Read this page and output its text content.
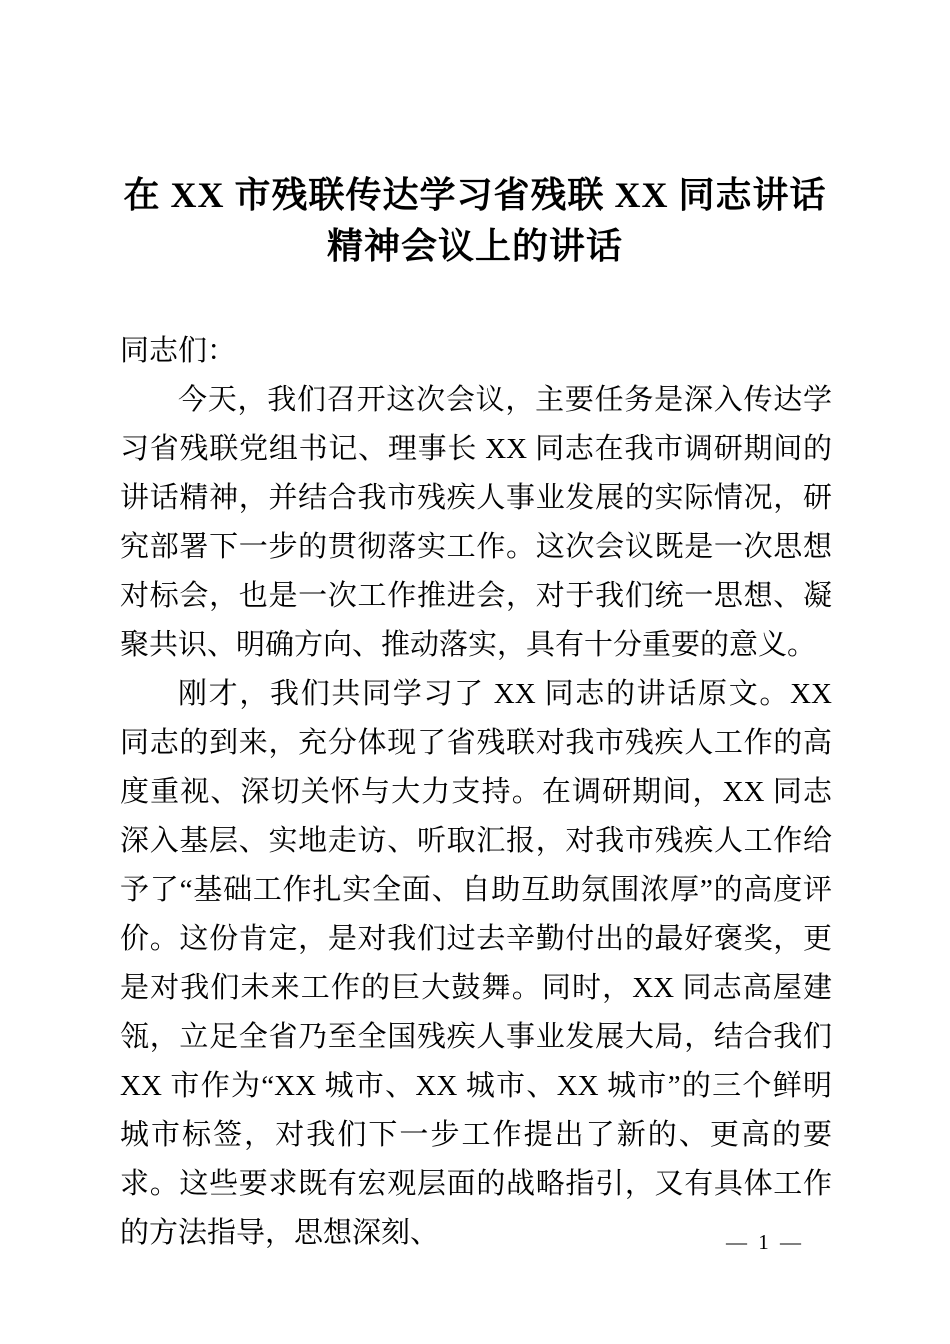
在 XX 市残联传达学习省残联 XX 同志讲话精神会议上的讲话

同志们：

今天，我们召开这次会议，主要任务是深入传达学习省残联党组书记、理事长 XX 同志在我市调研期间的讲话精神，并结合我市残疾人事业发展的实际情况，研究部署下一步的贯彻落实工作。这次会议既是一次思想对标会，也是一次工作推进会，对于我们统一思想、凝聚共识、明确方向、推动落实，具有十分重要的意义。

刚才，我们共同学习了 XX 同志的讲话原文。XX 同志的到来，充分体现了省残联对我市残疾人工作的高度重视、深切关怀与大力支持。在调研期间，XX 同志深入基层、实地走访、听取汇报，对我市残疾人工作给予了“基础工作扎实全面、自助互助氛围浓厚”的高度评价。这份肯定，是对我们过去辛勤付出的最好褒奖，更是对我们未来工作的巨大鼓舞。同时，XX 同志高屋建瓴，立足全省乃至全国残疾人事业发展大局，结合我们 XX 市作为“XX 城市、XX 城市、XX 城市”的三个鲜明城市标签，对我们下一步工作提出了新的、更高的要求。这些要求既有宏观层面的战略指引，又有具体工作的方法指导，思想深刻、	— 1 —
